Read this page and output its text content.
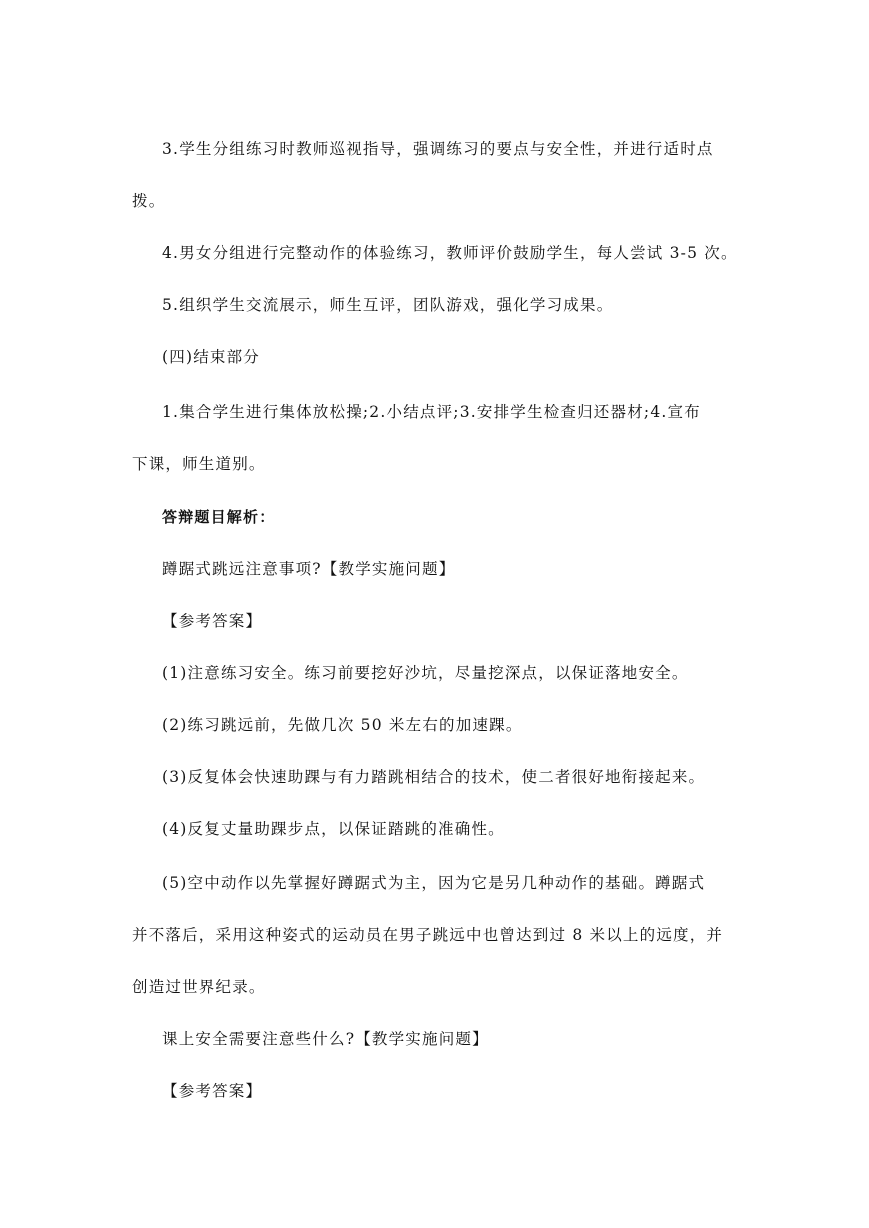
3.学生分组练习时教师巡视指导，强调练习的要点与安全性，并进行适时点
拨。
4.男女分组进行完整动作的体验练习，教师评价鼓励学生，每人尝试 3-5 次。
5.组织学生交流展示，师生互评，团队游戏，强化学习成果。
(四)结束部分
1.集合学生进行集体放松操;2.小结点评;3.安排学生检查归还器材;4.宣布
下课，师生道别。
答辩题目解析：
蹲踞式跳远注意事项?【教学实施问题】
【参考答案】
(1)注意练习安全。练习前要挖好沙坑，尽量挖深点，以保证落地安全。
(2)练习跳远前，先做几次 50 米左右的加速踝。
(3)反复体会快速助踝与有力踏跳相结合的技术，使二者很好地衔接起来。
(4)反复丈量助踝步点，以保证踏跳的准确性。
(5)空中动作以先掌握好蹲踞式为主，因为它是另几种动作的基础。蹲踞式
并不落后，采用这种姿式的运动员在男子跳远中也曾达到过 8 米以上的远度，并
创造过世界纪录。
课上安全需要注意些什么?【教学实施问题】
【参考答案】
